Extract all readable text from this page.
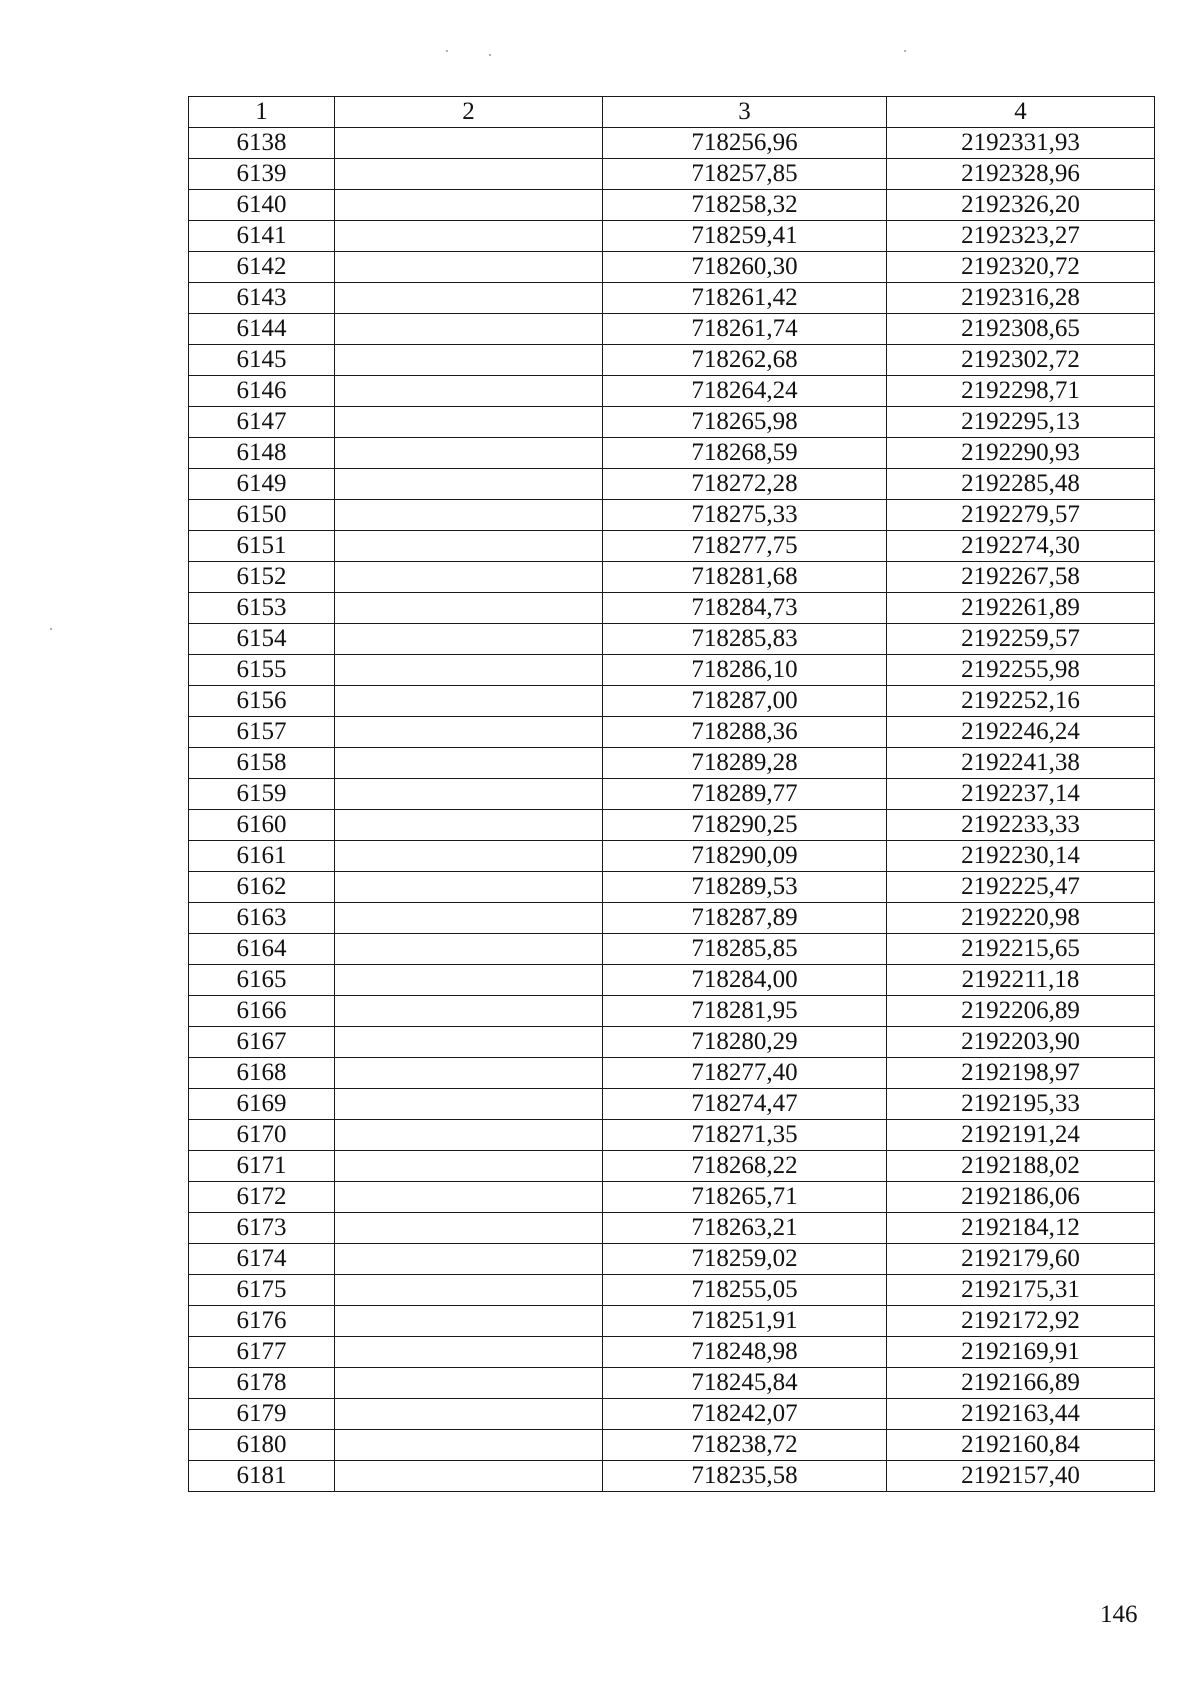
1	2	3	4
6138		718256,96	2192331,93
6139		718257,85	2192328,96
6140		718258,32	2192326,20
6141		718259,41	2192323,27
6142		718260,30	2192320,72
6143		718261,42	2192316,28
6144		718261,74	2192308,65
6145		718262,68	2192302,72
6146		718264,24	2192298,71
6147		718265,98	2192295,13
6148		718268,59	2192290,93
6149		718272,28	2192285,48
6150		718275,33	2192279,57
6151		718277,75	2192274,30
6152		718281,68	2192267,58
6153		718284,73	2192261,89
6154		718285,83	2192259,57
6155		718286,10	2192255,98
6156		718287,00	2192252,16
6157		718288,36	2192246,24
6158		718289,28	2192241,38
6159		718289,77	2192237,14
6160		718290,25	2192233,33
6161		718290,09	2192230,14
6162		718289,53	2192225,47
6163		718287,89	2192220,98
6164		718285,85	2192215,65
6165		718284,00	2192211,18
6166		718281,95	2192206,89
6167		718280,29	2192203,90
6168		718277,40	2192198,97
6169		718274,47	2192195,33
6170		718271,35	2192191,24
6171		718268,22	2192188,02
6172		718265,71	2192186,06
6173		718263,21	2192184,12
6174		718259,02	2192179,60
6175		718255,05	2192175,31
6176		718251,91	2192172,92
6177		718248,98	2192169,91
6178		718245,84	2192166,89
6179		718242,07	2192163,44
6180		718238,72	2192160,84
6181		718235,58	2192157,40
146
